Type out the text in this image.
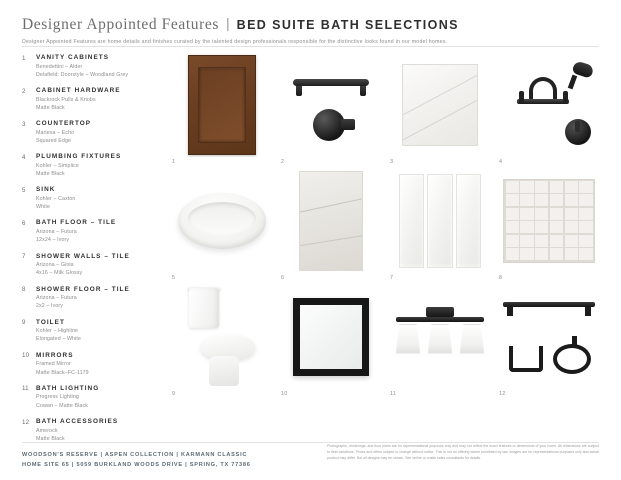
Designer Appointed Features | BED SUITE BATH SELECTIONS
Designer Appointed Features are home details and finishes curated by the talented design professionals responsible for the distinctive looks found in our model homes.
1	VANITY CABINETS
Benedettini – Alder
Delafield: Doorstyle – Woodland Grey
2	CABINET HARDWARE
Blackrock Pulls & Knobs
Matte Black
3	COUNTERTOP
Marlexa – Echo
Squared Edge
4	PLUMBING FIXTURES
Kohler – Simplice
Matte Black
5	SINK
Kohler – Caxton
White
6	BATH FLOOR – TILE
Arizona – Futura
12x24 – Ivory
7	SHOWER WALLS – TILE
Arizona – Gioia
4x16 – Milk Glossy
8	SHOWER FLOOR – TILE
Arizona – Futura
2x2 – Ivory
9	TOILET
Kohler – Highline
Elongated – White
10	MIRRORS
Framed Mirror
Matte Black–FC-1179
11	BATH LIGHTING
Progress Lighting
Cowan – Matte Black
12	BATH ACCESSORIES
Amerock
Matte Black
1	2	3	4
5	6	7	8
9	10	11	12
WOODSON'S RESERVE | ASPEN COLLECTION | KARMANN CLASSIC
HOME SITE 65 | 5059 BURKLAND WOODS DRIVE | SPRING, TX 77386
Photographs, renderings, and floor plans are for representational purposes only and may not reflect the exact features or dimensions of your home. All dimensions are subject to field variations. Prices and offers subject to change without notice. This is not an offering where prohibited by law. Images are for representational purposes only and actual product may differ. Not all designs may be shown. See online or onsite sales consultants for details.
